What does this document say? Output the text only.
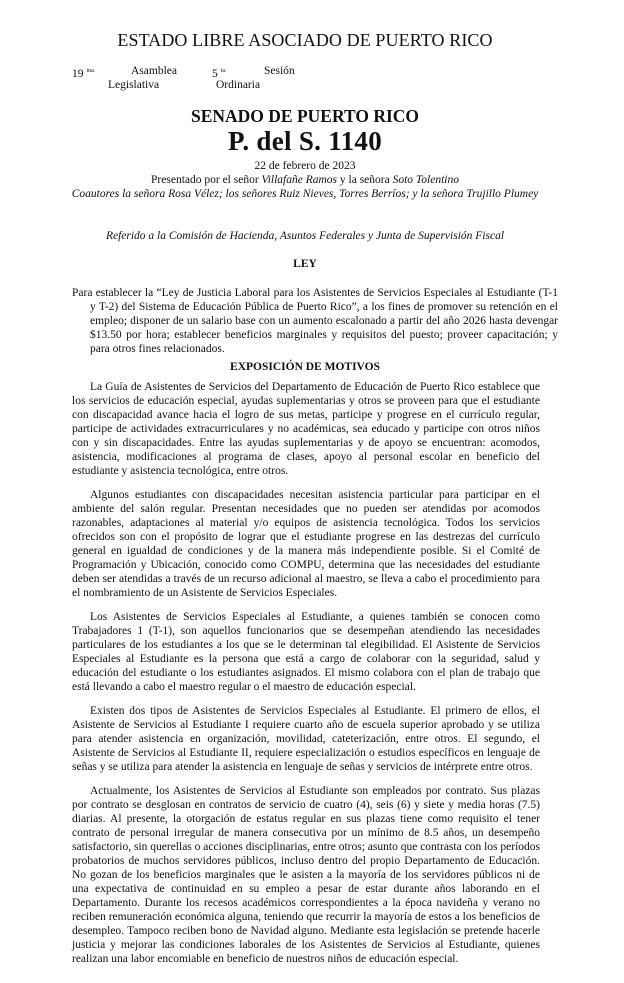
ESTADO LIBRE ASOCIADO DE PUERTO RICO
19 $^{ma.}$	Asamblea
Legislativa
5 $^{ta.}$	Sesión
Ordinaria
SENADO DE PUERTO RICO
P. del S. 1140
22 de febrero de 2023
Presentado por el señor Villafañe Ramos y la señora Soto Tolentino
Coautores la señora Rosa Vélez; los señores Ruiz Nieves, Torres Berríos; y la señora Trujillo Plumey
Referido a la Comisión de Hacienda, Asuntos Federales y Junta de Supervisión Fiscal
LEY

Para establecer la “Ley de Justicia Laboral para los Asistentes de Servicios Especiales al Estudiante (T-1 y T-2) del Sistema de Educación Pública de Puerto Rico”, a los fines de promover su retención en el empleo; disponer de un salario base con un aumento escalonado a partir del año 2026 hasta devengar $13.50 por hora; establecer beneficios marginales y requisitos del puesto; proveer capacitación; y para otros fines relacionados.

EXPOSICIÓN DE MOTIVOS

La Guía de Asistentes de Servicios del Departamento de Educación de Puerto Rico establece que los servicios de educación especial, ayudas suplementarias y otros se proveen para que el estudiante con discapacidad avance hacia el logro de sus metas, participe y progrese en el currículo regular, participe de actividades extracurriculares y no académicas, sea educado y participe con otros niños con y sin discapacidades. Entre las ayudas suplementarias y de apoyo se encuentran: acomodos, asistencia, modificaciones al programa de clases, apoyo al personal escolar en beneficio del estudiante y asistencia tecnológica, entre otros.

Algunos estudiantes con discapacidades necesitan asistencia particular para participar en el ambiente del salón regular. Presentan necesidades que no pueden ser atendidas por acomodos razonables, adaptaciones al material y/o equipos de asistencia tecnológica. Todos los servicios ofrecidos son con el propósito de lograr que el estudiante progrese en las destrezas del currículo general en igualdad de condiciones y de la manera más independiente posible. Si el Comité de Programación y Ubicación, conocido como COMPU, determina que las necesidades del estudiante deben ser atendidas a través de un recurso adicional al maestro, se lleva a cabo el procedimiento para el nombramiento de un Asistente de Servicios Especiales.

Los Asistentes de Servicios Especiales al Estudiante, a quienes también se conocen como Trabajadores 1 (T-1), son aquellos funcionarios que se desempeñan atendiendo las necesidades particulares de los estudiantes a los que se le determinan tal elegibilidad. El Asistente de Servicios Especiales al Estudiante es la persona que está a cargo de colaborar con la seguridad, salud y educación del estudiante o los estudiantes asignados. El mismo colabora con el plan de trabajo que está llevando a cabo el maestro regular o el maestro de educación especial.

Existen dos tipos de Asistentes de Servicios Especiales al Estudiante. El primero de ellos, el Asistente de Servicios al Estudiante I requiere cuarto año de escuela superior aprobado y se utiliza para atender asistencia en organización, movilidad, cateterización, entre otros. El segundo, el Asistente de Servicios al Estudiante II, requiere especialización o estudios específicos en lenguaje de señas y se utiliza para atender la asistencia en lenguaje de señas y servicios de intérprete entre otros.

Actualmente, los Asistentes de Servicios al Estudiante son empleados por contrato. Sus plazas por contrato se desglosan en contratos de servicio de cuatro (4), seis (6) y siete y media horas (7.5) diarias. Al presente, la otorgación de estatus regular en sus plazas tiene como requisito el tener contrato de personal irregular de manera consecutiva por un mínimo de 8.5 años, un desempeño satisfactorio, sin querellas o acciones disciplinarias, entre otros; asunto que contrasta con los períodos probatorios de muchos servidores públicos, incluso dentro del propio Departamento de Educación. No gozan de los beneficios marginales que le asisten a la mayoría de los servidores públicos ni de una expectativa de continuidad en su empleo a pesar de estar durante años laborando en el Departamento. Durante los recesos académicos correspondientes a la época navideña y verano no reciben remuneración económica alguna, teniendo que recurrir la mayoría de estos a los beneficios de desempleo. Tampoco reciben bono de Navidad alguno. Mediante esta legislación se pretende hacerle justicia y mejorar las condiciones laborales de los Asistentes de Servicios al Estudiante, quienes realizan una labor encomiable en beneficio de nuestros niños de educación especial.
